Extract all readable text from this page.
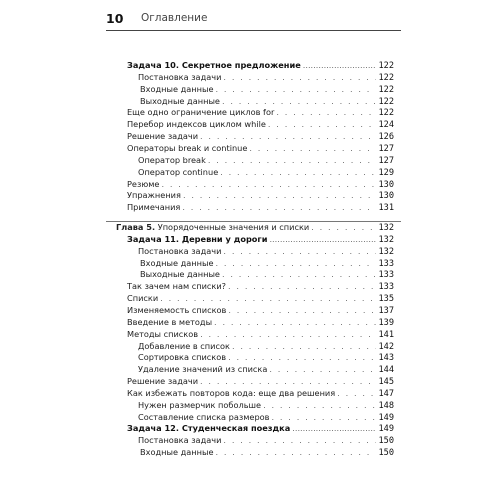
10 Оглавление
Задача 10. Секретное предложение .....	122
Постановка задачи . . .	122
Входные данные . . .	122
Выходные данные . . .	122
Еще одно ограничение циклов for . . .	122
Перебор индексов циклом while . . .	124
Решение задачи . . .	126
Операторы break и continue . . .	127
Оператор break . . .	127
Оператор continue . . .	129
Резюме . . .	130
Упражнения . . .	130
Примечания . . .	131
Глава 5. Упорядоченные значения и списки . . .	132
Задача 11. Деревни у дороги .....	132
Постановка задачи . . .	132
Входные данные . . .	133
Выходные данные . . .	133
Так зачем нам списки? . . .	133
Списки . . .	135
Изменяемость списков . . .	137
Введение в методы . . .	139
Методы списков . . .	141
Добавление в список . . .	142
Сортировка списков . . .	143
Удаление значений из списка . . .	144
Решение задачи . . .	145
Как избежать повторов кода: еще два решения . . .	147
Нужен размерчик побольше . . .	148
Составление списка размеров . . .	149
Задача 12. Студенческая поездка .....	149
Постановка задачи . . .	150
Входные данные . . .	150
